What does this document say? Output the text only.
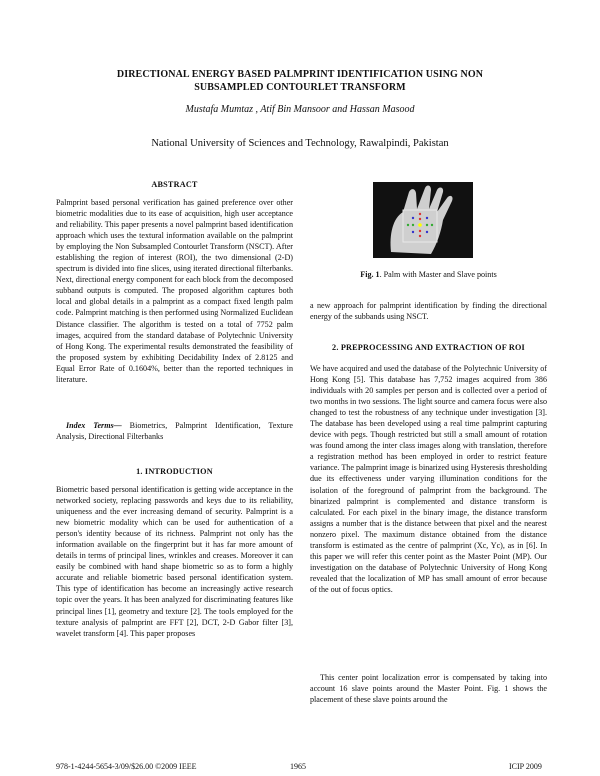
DIRECTIONAL ENERGY BASED PALMPRINT IDENTIFICATION USING NON
SUBSAMPLED CONTOURLET TRANSFORM
Mustafa Mumtaz , Atif Bin Mansoor and Hassan Masood
National University of Sciences and Technology, Rawalpindi, Pakistan
ABSTRACT

Palmprint based personal verification has gained preference over other biometric modalities due to its ease of acquisition, high user acceptance and reliability. This paper presents a novel palmprint based identification approach which uses the textural information available on the palmprint by employing the Non Subsampled Contourlet Transform (NSCT). After establishing the region of interest (ROI), the two dimensional (2-D) spectrum is divided into fine slices, using iterated directional filterbanks. Next, directional energy component for each block from the decomposed subband outputs is computed. The proposed algorithm captures both local and global details in a palmprint as a compact fixed length palm code. Palmprint matching is then performed using Normalized Euclidean Distance classifier. The algorithm is tested on a total of 7752 palm images, acquired from the standard database of Polytechnic University of Hong Kong. The experimental results demonstrated the feasibility of the proposed system by exhibiting Decidability Index of 2.8125 and Equal Error Rate of 0.1604%, better than the reported techniques in literature.

Index Terms— Biometrics, Palmprint Identification, Texture Analysis, Directional Filterbanks

1. INTRODUCTION

Biometric based personal identification is getting wide acceptance in the networked society, replacing passwords and keys due to its reliability, uniqueness and the ever increasing demand of security. Palmprint is a new biometric modality which can be used for authentication of a person's identity because of its richness. Palmprint not only has the information available on the fingerprint but it has far more amount of details in terms of principal lines, wrinkles and creases. Moreover it can easily be combined with hand shape biometric so as to form a highly accurate and reliable biometric based personal identification system. This type of identification has become an increasingly active research topic over the years. It has been analyzed for discriminating features like principal lines [1], geometry and texture [2]. The tools employed for the texture analysis of palmprint are FFT [2], DCT, 2-D Gabor filter [3], wavelet transform [4]. This paper proposes

Fig. 1. Palm with Master and Slave points

a new approach for palmprint identification by finding the directional energy of the subbands using NSCT.

2. PREPROCESSING AND EXTRACTION OF ROI

We have acquired and used the database of the Polytechnic University of Hong Kong [5]. This database has 7,752 images acquired from 386 individuals with 20 samples per person and is collected over a period of two months in two sessions. The light source and camera focus were also changed to test the robustness of any technique under investigation [3]. The database has been developed using a real time palmprint capturing device with pegs. Though restricted but still a small amount of rotation was found among the inter class images along with translation, therefore a registration method has been employed in order to restrict feature variance. The palmprint image is binarized using Hysteresis thresholding due its effectiveness under varying illumination conditions for the isolation of the foreground of palmprint from the background. The binarized palmprint is complemented and distance transform is calculated. For each pixel in the binary image, the distance transform assigns a number that is the distance between that pixel and the nearest nonzero pixel. The maximum distance obtained from the distance transform is estimated as the centre of palmprint (Xc, Yc), as in [6]. In this paper we will refer this center point as the Master Point (MP). Our investigation on the database of Polytechnic University of Hong Kong revealed that the localization of MP has small amount of error because of the out of focus optics.

This center point localization error is compensated by taking into account 16 slave points around the Master Point. Fig. 1 shows the placement of these slave points around the

978-1-4244-5654-3/09/$26.00 ©2009 IEEE	1965	ICIP 2009
